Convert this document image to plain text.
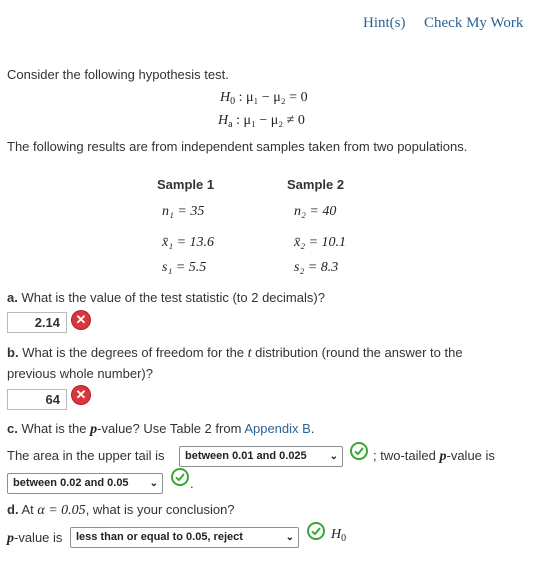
Hint(s) Check My Work
Consider the following hypothesis test.
$H_0$ : μ₁ − μ₂ = 0
$H_a$ : μ₁ − μ₂ ≠ 0
The following results are from independent samples taken from two populations.
Sample 1	Sample 2
n₁ = 35	n₂ = 40
x̄₁ = 13.6	x̄₂ = 10.1
s₁ = 5.5	s₂ = 8.3
a. What is the value of the test statistic (to 2 decimals)?
2.14	✕
b. What is the degrees of freedom for the t distribution (round the answer to the
previous whole number)?
64	✕
c. What is the p-value? Use Table 2 from Appendix B.
The area in the upper tail is	between 0.01 and 0.025 ⌄	; two-tailed p-value is
between 0.02 and 0.05 ⌄ .
d. At α = 0.05, what is your conclusion?
p-value is	less than or equal to 0.05, reject	⌄	$H_0$
